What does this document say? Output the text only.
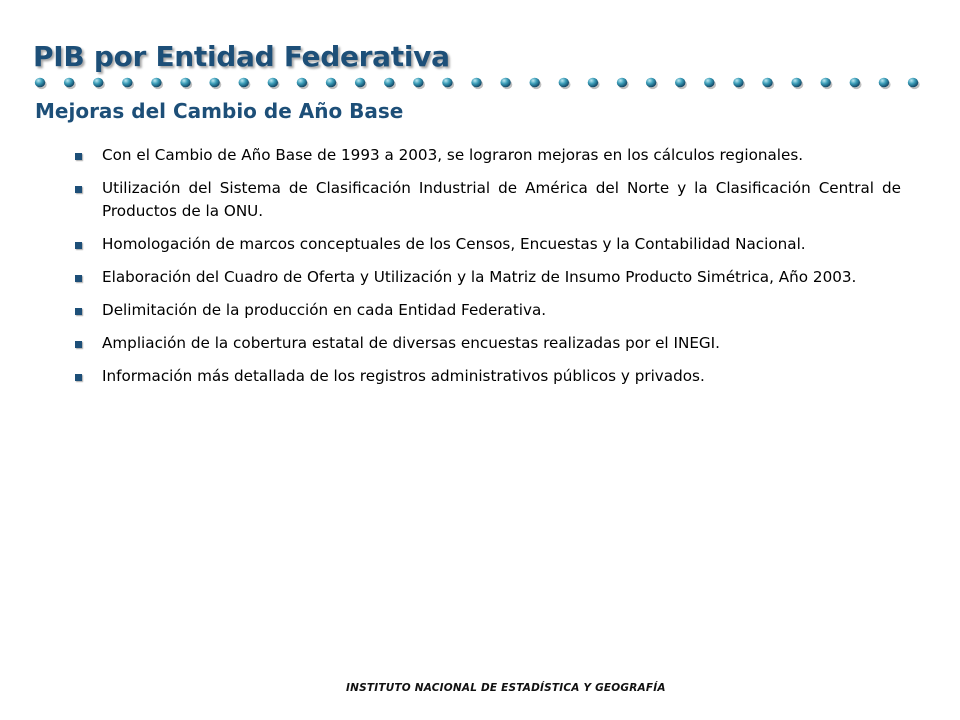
PIB por Entidad Federativa
Mejoras del Cambio de Año Base
Con el Cambio de Año Base de 1993 a 2003, se lograron mejoras en los cálculos regionales.
Utilización del Sistema de Clasificación Industrial de América del Norte y la Clasificación Central de Productos de la ONU.
Homologación de marcos conceptuales de los Censos, Encuestas y la Contabilidad Nacional.
Elaboración del Cuadro de Oferta y Utilización y la Matriz de Insumo Producto Simétrica, Año 2003.
Delimitación de la producción en cada Entidad Federativa.
Ampliación de la cobertura estatal de diversas encuestas realizadas por el INEGI.
Información más detallada de los registros administrativos públicos y privados.

INSTITUTO NACIONAL DE ESTADÍSTICA Y GEOGRAFÍA
